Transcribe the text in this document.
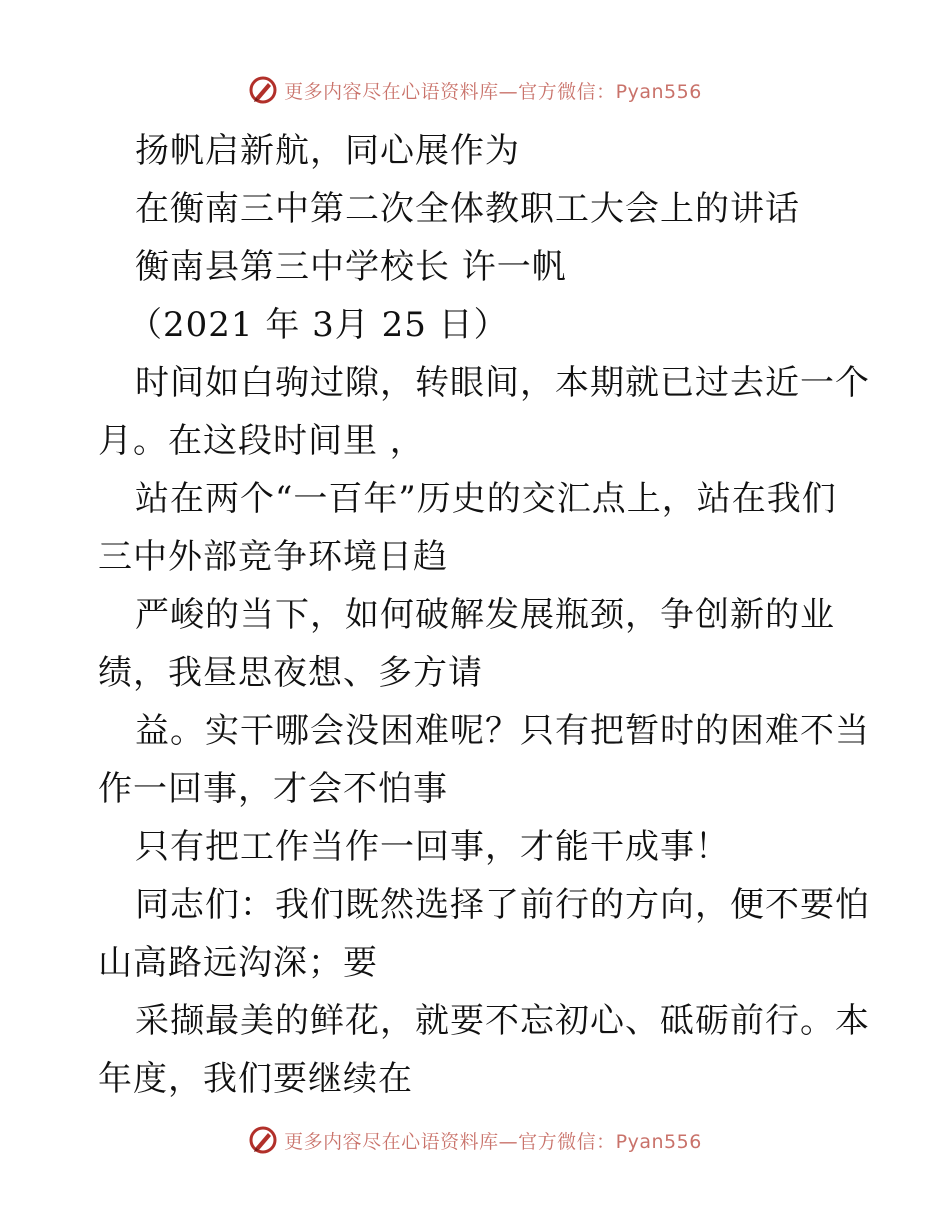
更多内容尽在心语资料库—官方微信：Pyan556
扬帆启新航，同心展作为
在衡南三中第二次全体教职工大会上的讲话
衡南县第三中学校长 许一帆
（2021 年 3月 25 日）
时间如白驹过隙，转眼间，本期就已过去近一个
月。在这段时间里 ，
站在两个“一百年”历史的交汇点上，站在我们
三中外部竞争环境日趋
严峻的当下，如何破解发展瓶颈，争创新的业
绩，我昼思夜想、多方请
益。实干哪会没困难呢？只有把暂时的困难不当
作一回事，才会不怕事
只有把工作当作一回事，才能干成事！
同志们：我们既然选择了前行的方向，便不要怕
山高路远沟深；要
采撷最美的鲜花，就要不忘初心、砥砺前行。本
年度，我们要继续在
更多内容尽在心语资料库—官方微信：Pyan556
